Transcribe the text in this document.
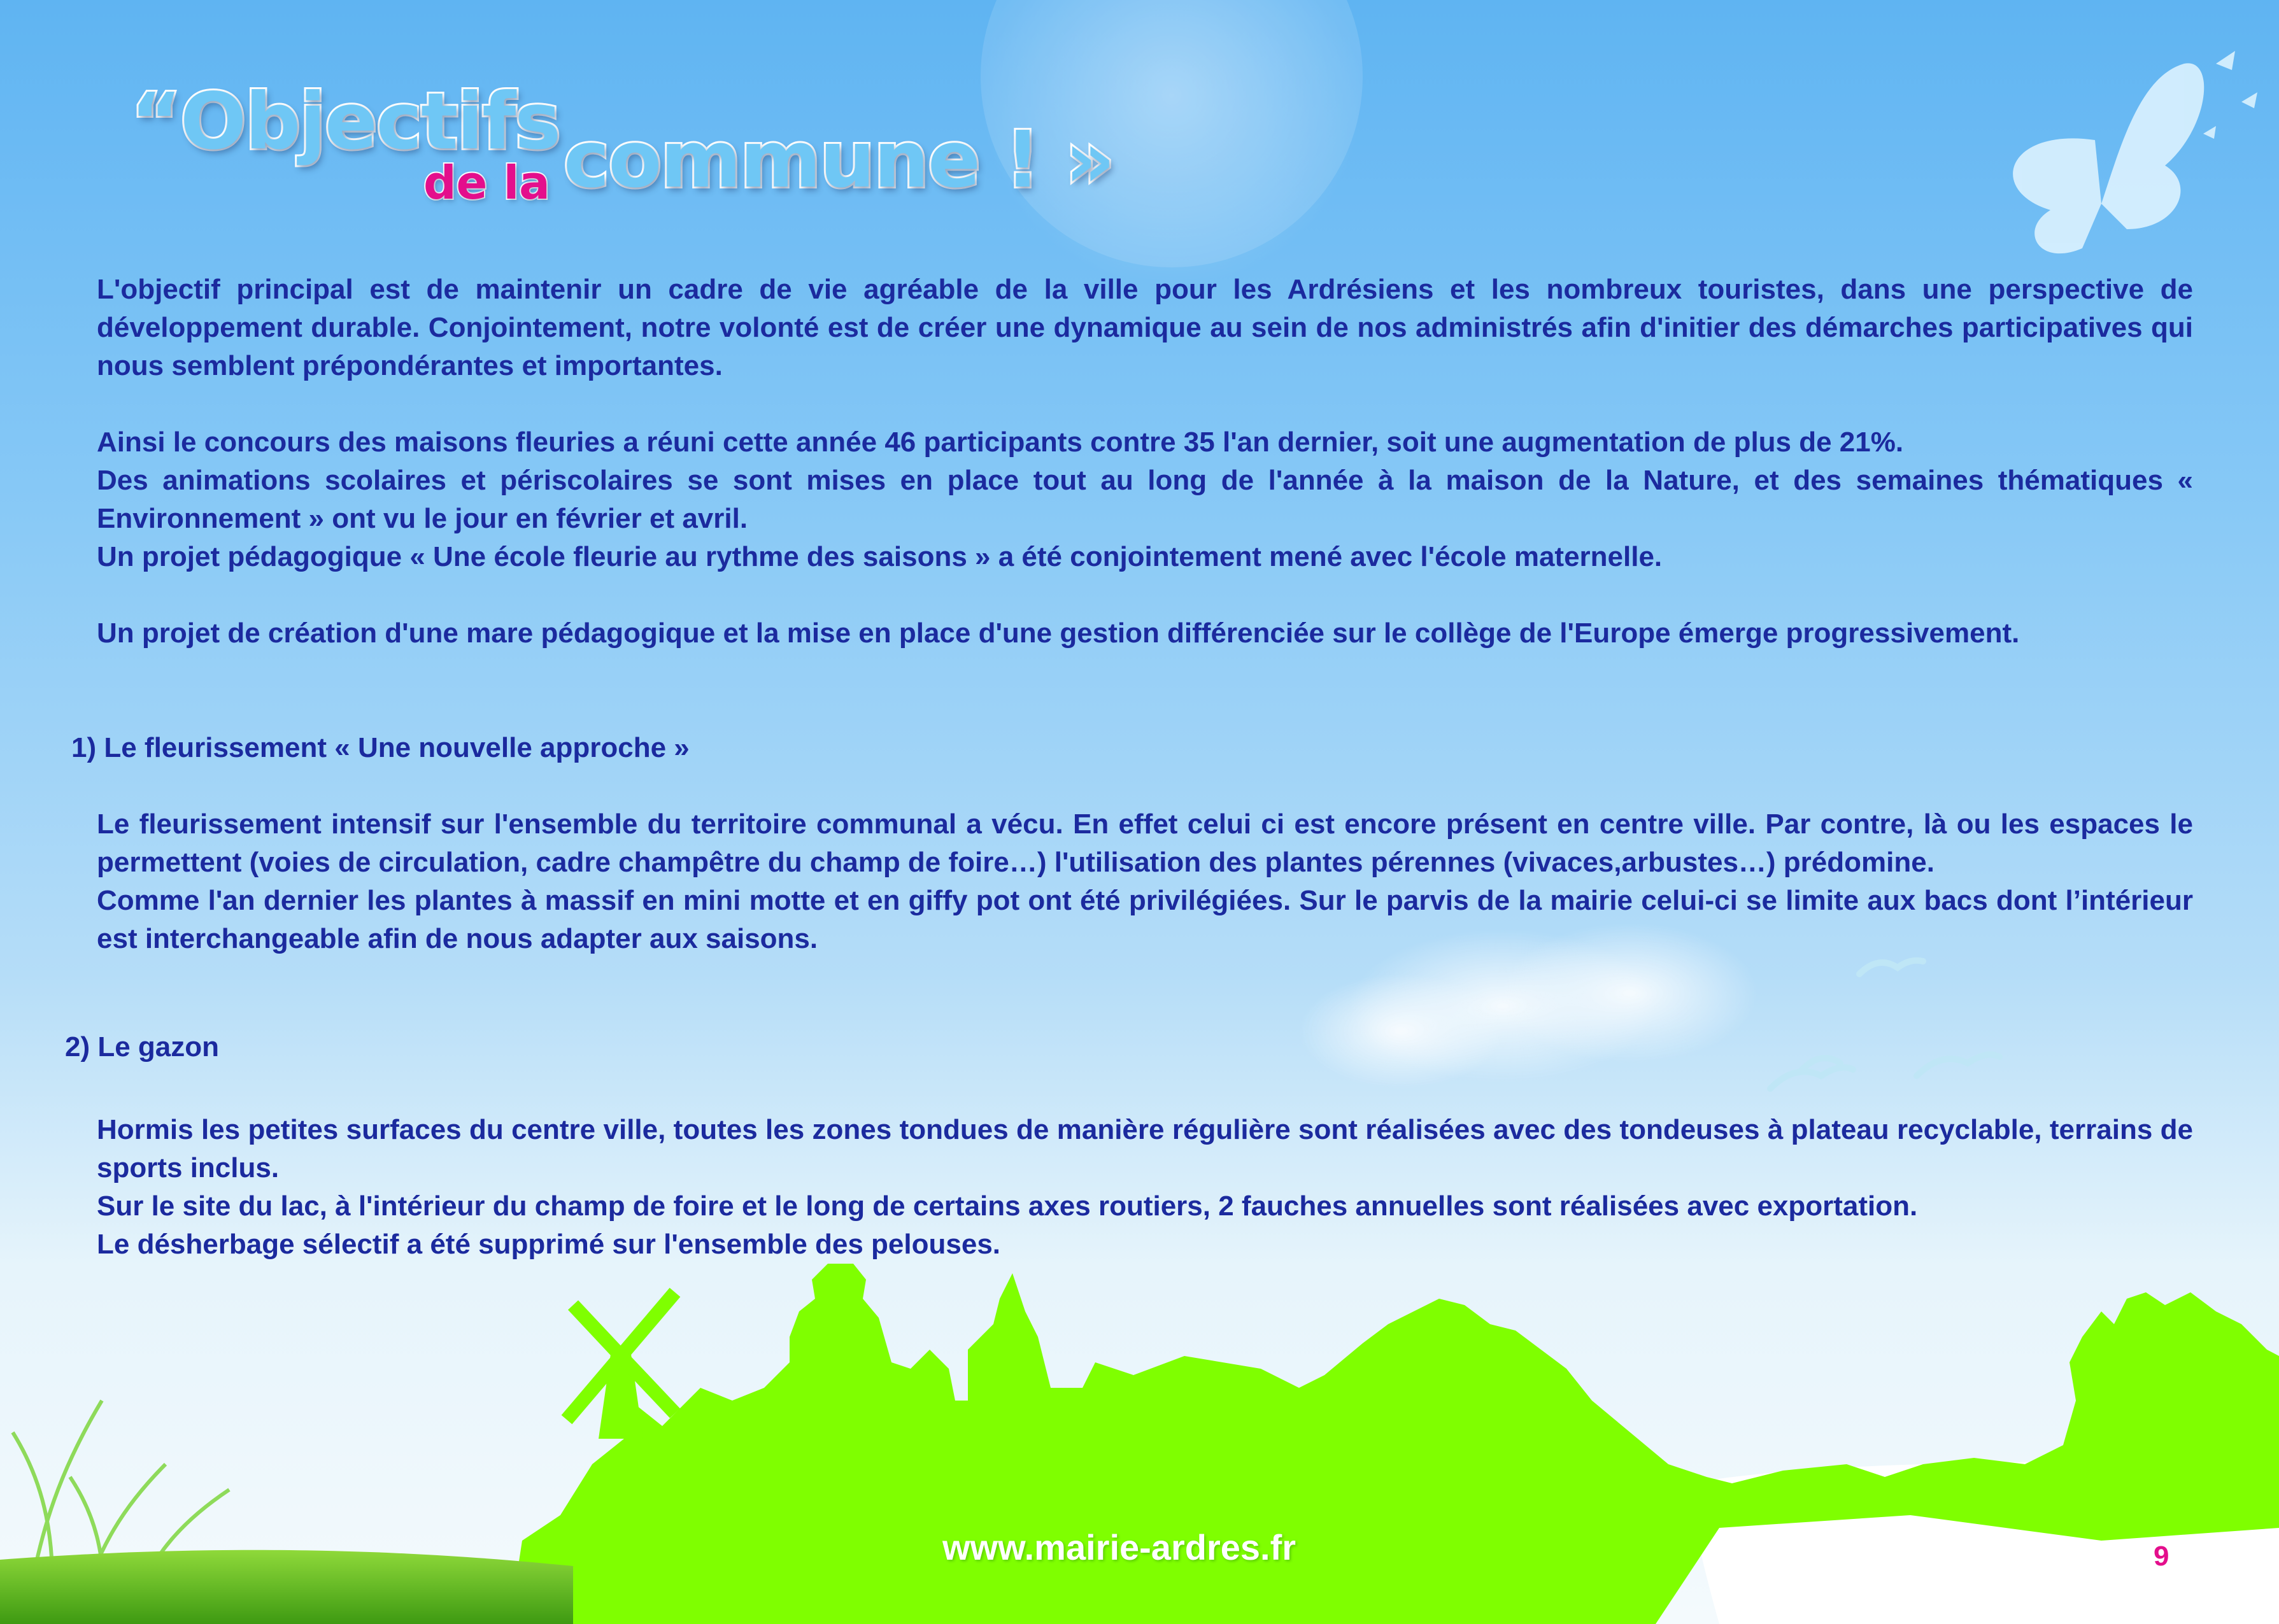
“Objectifs
de la commune ! »

L'objectif principal est de maintenir un cadre de vie agréable de la ville pour les Ardrésiens et les nombreux touristes, dans une perspective de développement durable. Conjointement, notre volonté est de créer une dynamique au sein de nos administrés afin d'initier des démarches participatives qui nous semblent prépondérantes et importantes.

Ainsi le concours des maisons fleuries a réuni cette année 46 participants contre 35 l'an dernier, soit une augmentation de plus de 21%.

Des animations scolaires et périscolaires se sont mises en place tout au long de l'année à la maison de la Nature, et des semaines thématiques « Environnement » ont vu le jour en février et avril.

Un projet pédagogique « Une école fleurie au rythme des saisons » a été conjointement mené avec l'école maternelle.

Un projet de création d'une mare pédagogique et la mise en place d'une gestion différenciée sur le collège de l'Europe émerge progressivement.

1) Le fleurissement « Une nouvelle approche »

Le fleurissement intensif sur l'ensemble du territoire communal a vécu. En effet celui ci est encore présent en centre ville. Par contre, là ou les espaces le permettent (voies de circulation, cadre champêtre du champ de foire…) l'utilisation des plantes pérennes (vivaces,arbustes…) prédomine.

Comme l'an dernier les plantes à massif en mini motte et en giffy pot ont été privilégiées. Sur le parvis de la mairie celui-ci se limite aux bacs dont l’intérieur est interchangeable afin de nous adapter aux saisons.

2) Le gazon

Hormis les petites surfaces du centre ville, toutes les zones tondues de manière régulière sont réalisées avec des tondeuses à plateau recyclable, terrains de sports inclus.

Sur le site du lac, à l'intérieur du champ de foire et le long de certains axes routiers, 2 fauches annuelles sont réalisées avec exportation.

Le désherbage sélectif a été supprimé sur l'ensemble des pelouses.

www.mairie-ardres.fr	9
